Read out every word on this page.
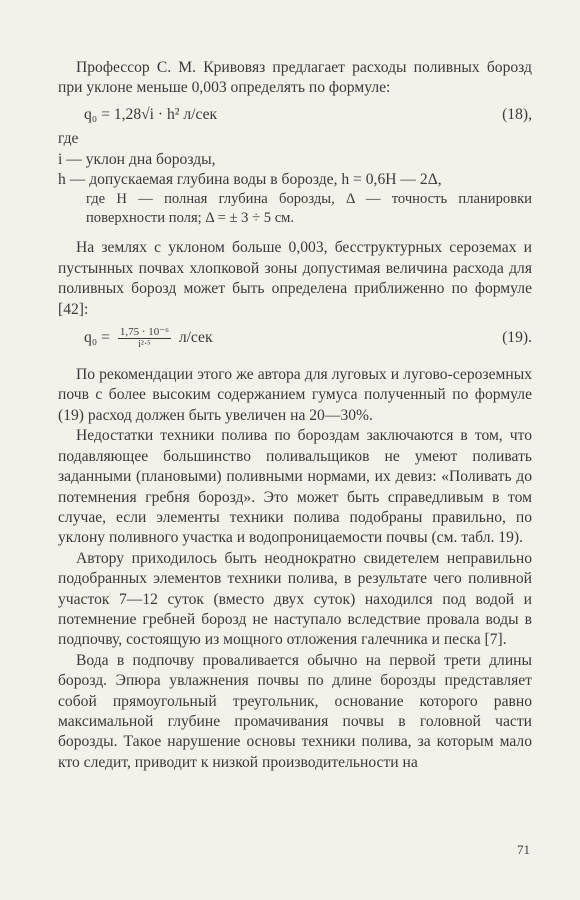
Профессор С. М. Кривовяз предлагает расходы поливных борозд при уклоне меньше 0,003 определять по формуле:

q₀ = 1,28√i · h² л/сек	(18),
где
i — уклон дна борозды,
h — допускаемая глубина воды в борозде, h = 0,6H — 2Δ,
где H — полная глубина борозды, Δ — точность планировки поверхности поля; Δ = ± 3 ÷ 5 см.

На землях с уклоном больше 0,003, бесструктурных сероземах и пустынных почвах хлопковой зоны допустимая величина расхода для поливных борозд может быть определена приближенно по формуле [42]:

$q_0 = \frac{\text{1,75 · 10⁻⁶}}{\text{i²·⁵}} л/сек$	(19).

По рекомендации этого же автора для луговых и лугово-сероземных почв с более высоким содержанием гумуса полученный по формуле (19) расход должен быть увеличен на 20—30%.

Недостатки техники полива по бороздам заключаются в том, что подавляющее большинство поливальщиков не умеют поливать заданными (плановыми) поливными нормами, их девиз: «Поливать до потемнения гребня борозд». Это может быть справедливым в том случае, если элементы техники полива подобраны правильно, по уклону поливного участка и водопроницаемости почвы (см. табл. 19).

Автору приходилось быть неоднократно свидетелем неправильно подобранных элементов техники полива, в результате чего поливной участок 7—12 суток (вместо двух суток) находился под водой и потемнение гребней борозд не наступало вследствие провала воды в подпочву, состоящую из мощного отложения галечника и песка [7].

Вода в подпочву проваливается обычно на первой трети длины борозд. Эпюра увлажнения почвы по длине борозды представляет собой прямоугольный треугольник, основание которого равно максимальной глубине промачивания почвы в головной части борозды. Такое нарушение основы техники полива, за которым мало кто следит, приводит к низкой производительности на

71
